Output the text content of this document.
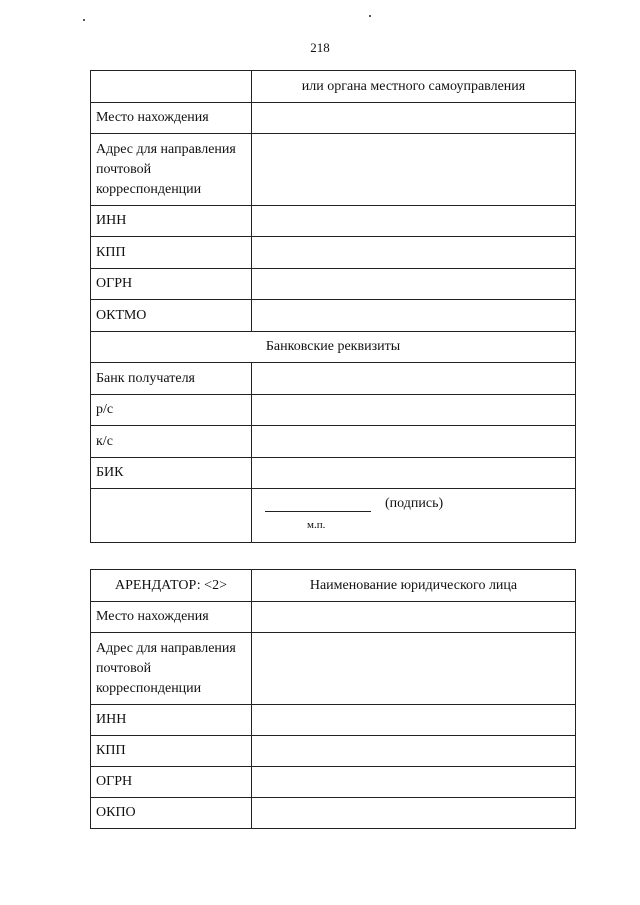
218
	или органа местного самоуправления
Место нахождения	
Адрес для направления почтовой корреспонденции	
ИНН	
КПП	
ОГРН	
ОКТМО	
Банковские реквизиты	
Банк получателя	
р/с	
к/с	
БИК	

	(подпись)
м.п.
АРЕНДАТОР: <2>	Наименование юридического лица
Место нахождения	
Адрес для направления почтовой корреспонденции	
ИНН	
КПП	
ОГРН	
ОКПО	
